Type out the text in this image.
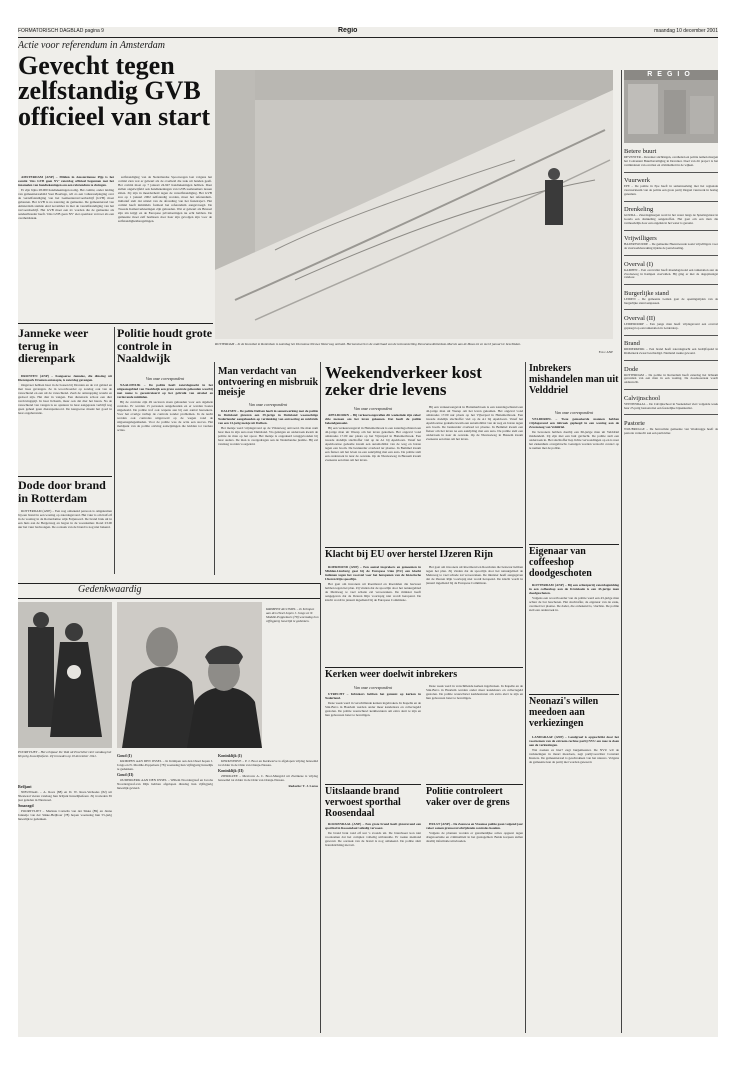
FORMATORISCH DAGBLAD pagina 9	Regio	maandag 10 december 2001
Actie voor referendum in Amsterdam
Gevecht tegen zelfstandig GVB officieel van start

AMSTERDAM (ANP) – Milden in Amsterdamse Pijp is het comité 'Ons GVB geen NV' zaterdag officieel begonnen met het inzamelen van handtekeningen om een referendum te dwingen.

Er zijn bijna 28.000 handtekeningen nodig. Het comité, onder leiding van gemeenteraadslid Saar Boerlage, wil zo een volksraadpleging over de verzelfstandiging van het Gemeentevervoerbedrijf (GVB) moet gebeuren. Het GVB is na zaterdag de gemeente. De gemeenteraad van Amsterdam stemde eind november in met de verzelfstandiging van het vervoersbedrijf. Het GVB moet een nv worden die de gemeente als aandeelhouder heeft. 'Ons GVB geen NV' ziet openbaar vervoer als een overheidstaak.

zelfstandiging van de Nederlandse Spoorwegen laat volgens het comité zien wat er gebeurt als de overheid die taak uit handen geeft. Het comité moet op 7 januari 24.947 handtekeningen hebben. Daar zullen ongetwijfeld ook handtekeningen van GVB-werknemers tussen zitten. Zij zijn in meerderheid tegen de verzelfstandiging. Het GVB zou op 1 januari 2002 zelfstandig worden, maar het referendum-initiatief stelt dat uitstel van de afronding van het fusietraject. Het comité heeft inmiddels formeel het referendum aangevraagd. De Tweede Kamerverkiezingen zijn gehouden. Wat er gebeurt als Brussel zijn zin krijgt en de Europese privatiseringen nu echt hebben. De gemeente moet zelf beslissen door haar zijn gevolgen zijn voor de zelfstandigheidsregelingen.

ROTTERDAM – In de Kunsthal in Rotterdam is zaterdag het Dioramna Nieuwe Waterweg onthuld. Het kunstwerk is de onderlaad van de tentoonstelling Panorama Rotterdam-Marnix aan de Maas tot en met 6 januari te beschikken.
Foto: ANP
Janneke weer terug in dierenpark

DRONTEN (ANP) – Kangoeroe Janneke, die dinsdag uit Dierenpark Dronten ontsnapte, is zaterdag gevangen.

Ongeveer hebben haar in de bossen bij Dronten en de vol gebied en met twee gevangen. Ze in woordvoerder op zondag ook van de vanochtend en een uit de vanochtend. Zeeb de ontsnapping waarin ze gedood zijn. Het dier in vangen. Een dierenarts schoot een dier verdovingspijl. In haar lichaam, maar ook dat dier het haren. Na de vanochtend van vangen is ze opnieuw in haar aangepaste verblijf nog geen geheel geen dierenparkoord. De kangoeroe maakt het goed in haar ongehavende.

Dode door brand in Rotterdam

ROTTERDAM (ANP) – Een nog onbekend persoon is omgekomen bij een brand in een woning op zaterdagavond. Het vuur is om half elf in de woning in de Rotterdamse wijk Feijenoord. De brand brak uit in een huis aan de Bergerweg en begon in de woonkamer. Rond 23.00 uur het vuur bedwongen. De oorzaak van de brand is nog niet bekend.

Politie houdt grote controle in Naaldwijk
Van onze correspondent

NAALDWIJK – De politie heeft zaterdagnacht in het uitgaansgebied van Naaldwijk een grote controle gehouden waarbij met name is gecontroleerd op het gebruik van alcohol en verdovende middelen.

Bij de controle zijn 49 sectoren staan gehouden voor een algehele controle. Er werden 15 personen aangehouden en er werden boetes uitgedeeld. De politie trof ook wapens aan bij een aantal bezoekers. Voor het overige verliep de controle zonder problemen. In de nacht werden ook controles uitgevoerd op de wegen rond de uitgaansgelegenheden. Voor de politie was de actie een succes. Het meldpunt van de politie ontving aanwijzingen die leidden tot verdere acties.

Man verdacht van ontvoering en misbruik meisje
Van onze correspondent

DALFSEN – De politie Dalfsen heeft in samenwerking met de politie in Duitsland gisteren een 39-jarige in Duitsland woonachtige Nederlander aangehouden op verdenking van ontvoering en misbruik van een 14-jarig meisje uit Dalfsen.

Het meisje werd vrijdagavond op de Vilsterweg ontvoerd. De man nam haar mee in zijn auto naar Duitsland. Via getuigen en onderzoek kwam de politie de man op het spoor. Het meisje is ongedeerd teruggevonden bij haar ouders. De man is overgedragen aan de Nederlandse justitie. Hij zal vandaag worden voorgeleid.

Weekendverkeer kost zeker drie levens
Van onze correspondent

APELDOORN – Bij verkeersongevallen dit weekeinde zijn zeker drie mensen om het leven gekomen. Dat heeft de politie bekendgemaakt.

Bij een verkeersongeval in Hattemerbroek is een zaterdagochtend een 42-jarige man uit Wezep om het leven gekomen. Het ongeval vond omstreeks 17.00 uur plaats op het Vijverpad in Hattemerbroek. Een tweede dodelijk slachtoffer viel op de A1 bij Apeldoorn. Vanaf het Apeldoornse gedeelte kwam een automobilist van de weg en botste tegen een boom. De bestuurder overleed ter plaatse. In Bemmel kwam een fietser om het leven na een aanrijding met een auto. De politie stelt een onderzoek in naar de oorzaak. Op de Nieuweweg in Bussem kwam eveneens een man om het leven.

Bij een verkeersongeval in Hattemerbroek is een zaterdagochtend een 42-jarige man uit Wezep om het leven gekomen. Het ongeval vond omstreeks 17.00 uur plaats op het Vijverpad in Hattemerbroek. Een tweede dodelijk slachtoffer viel op de A1 bij Apeldoorn. Vanaf het Apeldoornse gedeelte kwam een automobilist van de weg en botste tegen een boom. De bestuurder overleed ter plaatse. In Bemmel kwam een fietser om het leven na een aanrijding met een auto. De politie stelt een onderzoek in naar de oorzaak. Op de Nieuweweg in Bussem kwam eveneens een man om het leven.

Inbrekers mishandelen man uit Velddriel
Van onze correspondent

VELDDRIEL – Twee gemaskerde mannen hebben vrijdagavond een inbraak gepleegd in een woning aan de Zevensteeg van Velddriel.

De bewoners hebben daarbij een 66-jarige man uit Velddriel mishandeld. Zij zijn met een buit gevlucht. De politie stelt een onderzoek in. Het slachtoffer liep lichte verwondingen op en is naar het ziekenhuis overgebracht. Getuigen worden verzocht contact op te nemen met de politie.

Klacht bij EU over herstel IJzeren Rijn

ROERMOND (ANP) – Een aantal insprekers en gemeenten in Midden-Limburg gaat bij de Europese Unie (EU) een klacht indienen tegen het voorstel voor het heropenen van de historische IJzeren Rijn spoorlijn.

Het gaat om inwoners uit Roermond en Roerdalen die bezwaar hebben tegen het plan. Zij vinden dat de spoorlijn door het natuurgebied de Meinweg te veel schade zal veroorzaken. De minister heeft aangegeven dat de IJzeren Rijn voorlopig niet wordt heropend. De klacht wordt in januari ingediend bij de Europese Commissie.

Het gaat om inwoners uit Roermond en Roerdalen die bezwaar hebben tegen het plan. Zij vinden dat de spoorlijn door het natuurgebied de Meinweg te veel schade zal veroorzaken. De minister heeft aangegeven dat de IJzeren Rijn voorlopig niet wordt heropend. De klacht wordt in januari ingediend bij de Europese Commissie.

Eigenaar van coffeeshop doodgeschoten

ROTTERDAM (ANP) – Bij een schietpartij zaterdagmiddag in een coffeeshop aan de Kruiskade is een 43-jarige man doodgeschoten.

Volgens een woordvoerder van de politie werd een 43-jarige man achter de bar beschoten. Het slachtoffer, de eigenaar van de zaak, overleed ter plaatse. De dader, die onbekend is, vluchtte. De politie stelt een onderzoek in.

Gedenkwaardig
POORTVLIET – Het echtpaar De Valk uit Poortvliet viert vandaag het 60-jarig huwelijksfeest. Zij trouwden op 10 december 1941.
KRIMPEN AD IJSSEL – In Krimpen aan den IJssel hopen J. Jongs en N. Moddle-Poppelaars (78) woensdag hun vijftigjarig huwelijk te gedenken.
Briljant

NIEUWAAL – A. Roza (88) en D. W. Roza-Verhoeks (82) uit Nieuwaal vieren vandaag hun briljant huwelijksfeest. Zij trouwden 65 jaar geleden in Nieuwaal.

Smaragd

POORTVLIET – Marinus Cornelis van der Sikke (89) en Janna Jannetje van der Sikke-Heijboer (78) hopen woensdag hun 55-jarig huwelijk te gedenken.

Goud (I)

KRIMPEN AAN DEN IJSSEL – In Krimpen aan den IJssel hopen J. Jongs en N. Moddle-Poppelaars (78) woensdag hun vijftigjarig huwelijk te gedenken.

Goud (II)

OUDERKERK AAN DEN IJSSEL – Willem Noordergraaf en Jacoba Noordergraaf-van Dijk hebben afgelopen dinsdag hun vijftigjarig huwelijk gevierd.

Koninklijk (I)

KERKWERVE – P. J. Boot en Kerkwerve is afgelopen vrijdag benoemd tot ridder in de Orde van Oranje-Nassau.

Koninklijk (II)

ZIERIKZEE – Mevrouw A. C. Boot-Mangold uit Zierikzee is vrijdag benoemd tot ridder in de Orde van Oranje-Nassau.

Redactie: T. J. Lucas
Kerken weer doelwit inbrekers
Van onze correspondent

UTRECHT – Inbrekers hebben het gemunt op kerken in Nederland.

Deze week werd in verschillende kerken ingebroken. In Kapelle en de Sint-Bavo in Haarlem werden onder meer kandelaars en collectegeld gestolen. De politie waarschuwt kerkbesturen om extra alert te zijn en hun gebouwen beter te beveiligen.

Deze week werd in verschillende kerken ingebroken. In Kapelle en de Sint-Bavo in Haarlem werden onder meer kandelaars en collectegeld gestolen. De politie waarschuwt kerkbesturen om extra alert te zijn en hun gebouwen beter te beveiligen.	Neonazi's willen meedoen aan verkiezingen

LANDGRAAF (ANP) – Landgraaf is opgeschrikt door het voornemen van de extreem-rechtse partij NVU om mee te doen aan de verkiezingen.

Wat zoeken ze hier? zegt burgemeester. De NVU wil de verkiezingen in maart meedoen, zegt partijvoorzitter Constant Kusters. De gemeenteraad is geschrokken van het nieuws. Volgens de gemeente kan de partij niet worden geweerd.

Uitslaande brand verwoest sporthal Roosendaal

ROOSENDAAL (ANP) – Een grote brand heeft gisteravond een sporthal in Roosendaal volledig verwoest.

De brand brak rond elf uur 's avonds uit. De brandweer kon niet voorkomen dat het complex volledig uitbrandde. Er raakte niemand gewond. De oorzaak van de brand is nog onbekend. De politie sluit brandstichting niet uit.

Politie controleert vaker over de grens

HULST (ANP) – De Zeeuwse en Vlaamse politie gaan volgend jaar vaker samen grensoverschrijdende controles houden.

Volgens de plannen worden er gezamenlijke acties opgezet tegen drugstoerisme en criminaliteit in het grensgebied. Beide korpsen zullen daarbij informatie uitwisselen.

REGIO
Betere buurt
DEVENTER – Deventer stichtingen, overheden en politie nemen morgen het Convenant Buurtbeveiliging in Deventer. Doel van dit project is het verminderen van overlast en criminaliteit in de wijken.
Vuurwerk
EPE – De politie in Epe heeft in samenwerking met het regionale vuurwerkteam van de politie een grote partij illegaal vuurwerk in beslag genomen.
Drenkeling
GOUDA – Zaterdagmorgen werd in het water langs de Spieringstraat in Gouda een drenkeling aangetroffen. Het gaat om een man die vermoedelijk door een ongeluk in het water is geraakt.
Vrijwilligers
HAZERSWOUDE – De gemeente Hazerswoude zoekt vrijwilligers voor de vuurwerkbewaking tijdens de jaarwisseling.
Overval (I)
KAMPEN – Een overvaller heeft maandagavond een tankstation aan de Zwolseweg in Kampen overvallen. Hij ging er met de dagopbrengst vandoor.
Burgerlijke stand
LEIDEN – De gemeente Leiden gaat de openingstijden van de burgerlijke stand aanpassen.
Overval (II)
LEIDERDORP – Een jonge man heeft vrijdagavond een overval gepleegd op een tankstation in Leiderdorp.
Brand
RIDDERKERK – Een brand heeft zaterdagnacht een bedrijfspand in Ridderkerk zwaar beschadigd. Niemand raakte gewond.
Dode
ROTTERDAM – De politie in Rotterdam heeft zaterdag het lichaam gevonden van een man in een woning. De doodsoorzaak wordt onderzocht.
Calvijnschool
VEENENDAAL – De Calvijnschool in Veenendaal viert volgende week haar 25-jarig bestaan met een feestelijke bijeenkomst.
Pastorie
WOUBRUGGE – De hervormde gemeente van Woubrugge heeft de pastorie verkocht aan een particulier.
